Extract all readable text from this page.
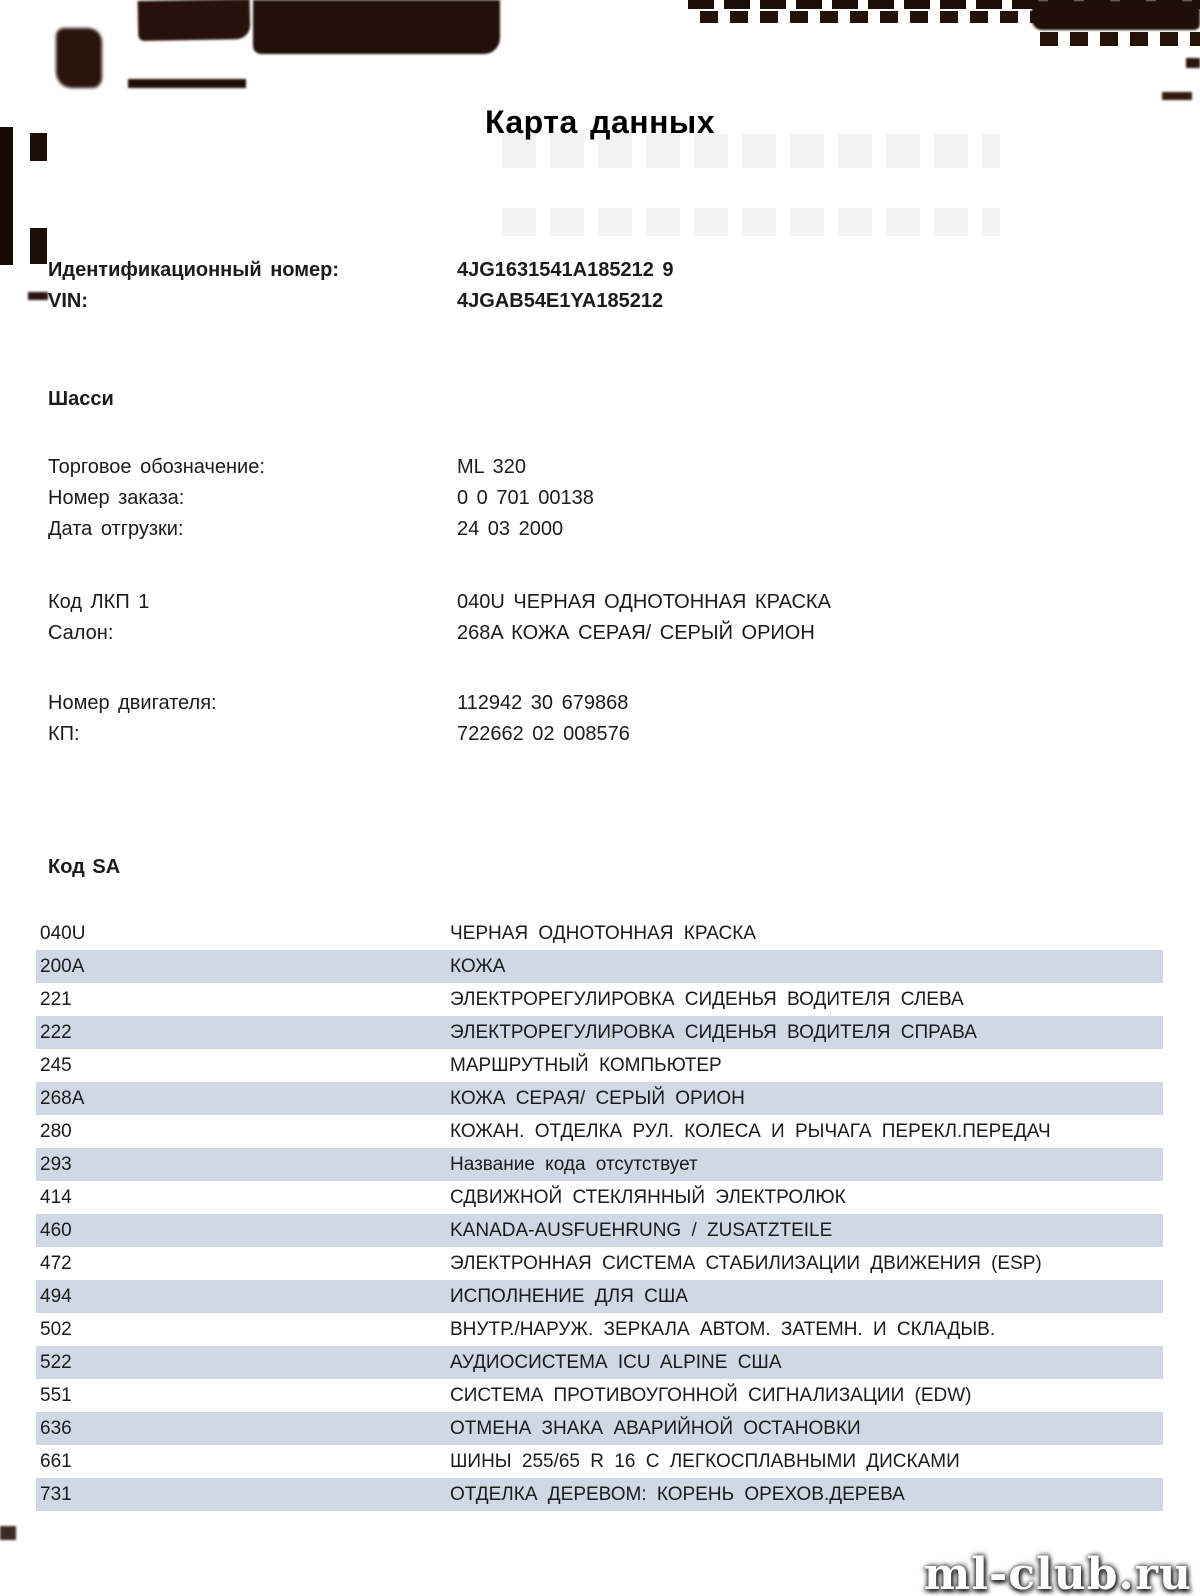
Карта данных
Идентификационный номер:	4JG1631541A185212 9
VIN:	4JGAB54E1YA185212
Шасси
Торговое обозначение:	ML 320
Номер заказа:	0 0 701 00138
Дата отгрузки:	24 03 2000
Код ЛКП 1	040U ЧЕРНАЯ ОДНОТОННАЯ КРАСКА
Салон:	268A КОЖА СЕРАЯ/ СЕРЫЙ ОРИОН
Номер двигателя:	112942 30 679868
КП:	722662 02 008576
Код SA
040U	ЧЕРНАЯ ОДНОТОННАЯ КРАСКА
200A	КОЖА
221	ЭЛЕКТРОРЕГУЛИРОВКА СИДЕНЬЯ ВОДИТЕЛЯ СЛЕВА
222	ЭЛЕКТРОРЕГУЛИРОВКА СИДЕНЬЯ ВОДИТЕЛЯ СПРАВА
245	МАРШРУТНЫЙ КОМПЬЮТЕР
268A	КОЖА СЕРАЯ/ СЕРЫЙ ОРИОН
280	КОЖАН. ОТДЕЛКА РУЛ. КОЛЕСА И РЫЧАГА ПЕРЕКЛ.ПЕРЕДАЧ
293	Название кода отсутствует
414	СДВИЖНОЙ СТЕКЛЯННЫЙ ЭЛЕКТРОЛЮК
460	KANADA-AUSFUEHRUNG / ZUSATZTEILE
472	ЭЛЕКТРОННАЯ СИСТЕМА СТАБИЛИЗАЦИИ ДВИЖЕНИЯ (ESP)
494	ИСПОЛНЕНИЕ ДЛЯ США
502	ВНУТР./НАРУЖ. ЗЕРКАЛА АВТОМ. ЗАТЕМН. И СКЛАДЫВ.
522	АУДИОСИСТЕМА ICU ALPINE США
551	СИСТЕМА ПРОТИВОУГОННОЙ СИГНАЛИЗАЦИИ (EDW)
636	ОТМЕНА ЗНАКА АВАРИЙНОЙ ОСТАНОВКИ
661	ШИНЫ 255/65 R 16 С ЛЕГКОСПЛАВНЫМИ ДИСКАМИ
731	ОТДЕЛКА ДЕРЕВОМ: КОРЕНЬ ОРЕХОВ.ДЕРЕВА
ml-club.ru
